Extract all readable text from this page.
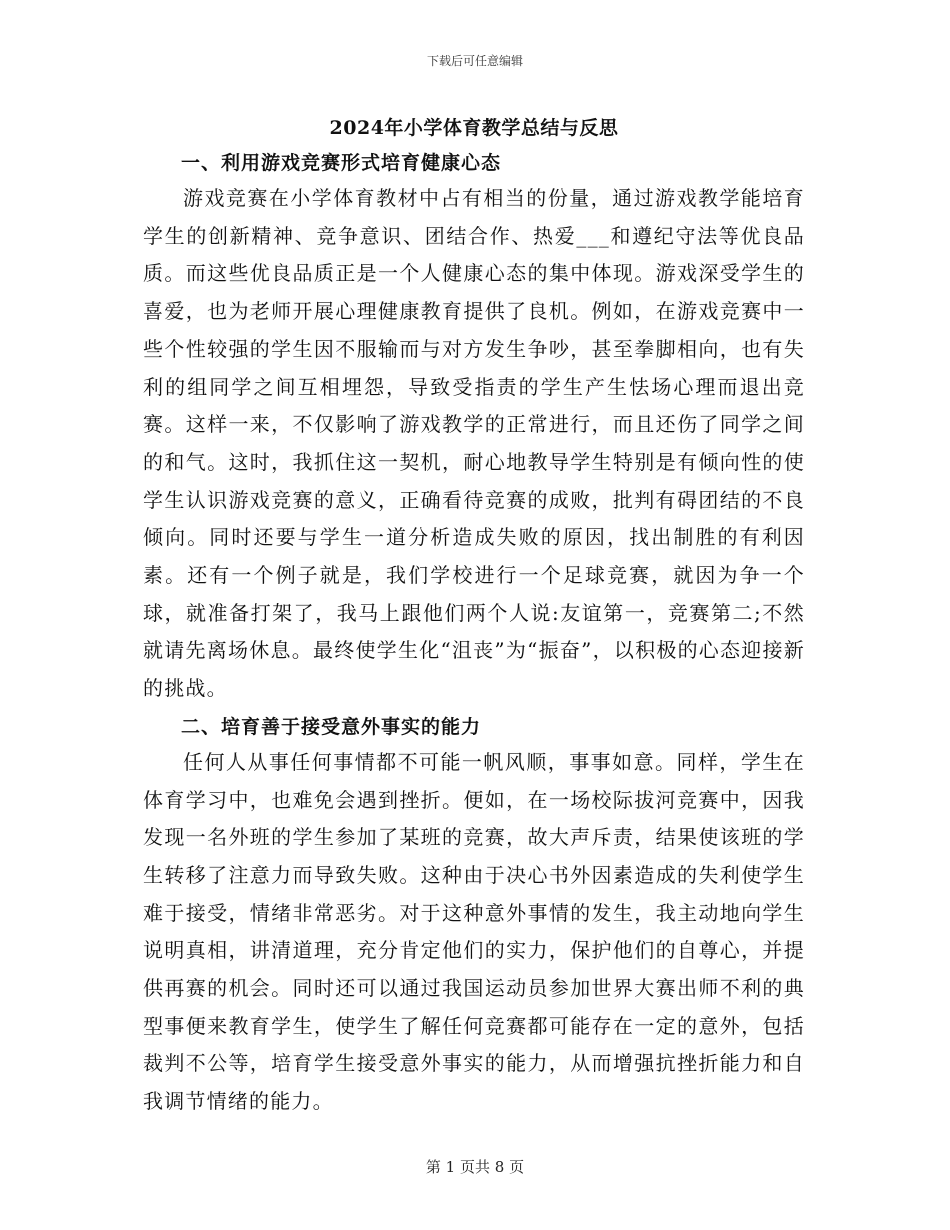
下载后可任意编辑
2024年小学体育教学总结与反思
一、利用游戏竞赛形式培育健康心态

游戏竞赛在小学体育教材中占有相当的份量，通过游戏教学能培育学生的创新精神、竞争意识、团结合作、热爱___和遵纪守法等优良品质。而这些优良品质正是一个人健康心态的集中体现。游戏深受学生的喜爱，也为老师开展心理健康教育提供了良机。例如，在游戏竞赛中一些个性较强的学生因不服输而与对方发生争吵，甚至拳脚相向，也有失利的组同学之间互相埋怨，导致受指责的学生产生怯场心理而退出竞赛。这样一来，不仅影响了游戏教学的正常进行，而且还伤了同学之间的和气。这时，我抓住这一契机，耐心地教导学生特别是有倾向性的使学生认识游戏竞赛的意义，正确看待竞赛的成败，批判有碍团结的不良倾向。同时还要与学生一道分析造成失败的原因，找出制胜的有利因素。还有一个例子就是，我们学校进行一个足球竞赛，就因为争一个球，就准备打架了，我马上跟他们两个人说:友谊第一，竞赛第二;不然就请先离场休息。最终使学生化“沮丧”为“振奋”，以积极的心态迎接新的挑战。

二、培育善于接受意外事实的能力

任何人从事任何事情都不可能一帆风顺，事事如意。同样，学生在体育学习中，也难免会遇到挫折。便如，在一场校际拔河竞赛中，因我发现一名外班的学生参加了某班的竞赛，故大声斥责，结果使该班的学生转移了注意力而导致失败。这种由于决心书外因素造成的失利使学生难于接受，情绪非常恶劣。对于这种意外事情的发生，我主动地向学生说明真相，讲清道理，充分肯定他们的实力，保护他们的自尊心，并提供再赛的机会。同时还可以通过我国运动员参加世界大赛出师不利的典型事便来教育学生，使学生了解任何竞赛都可能存在一定的意外，包括裁判不公等，培育学生接受意外事实的能力，从而增强抗挫折能力和自我调节情绪的能力。

第 1 页共 8 页
